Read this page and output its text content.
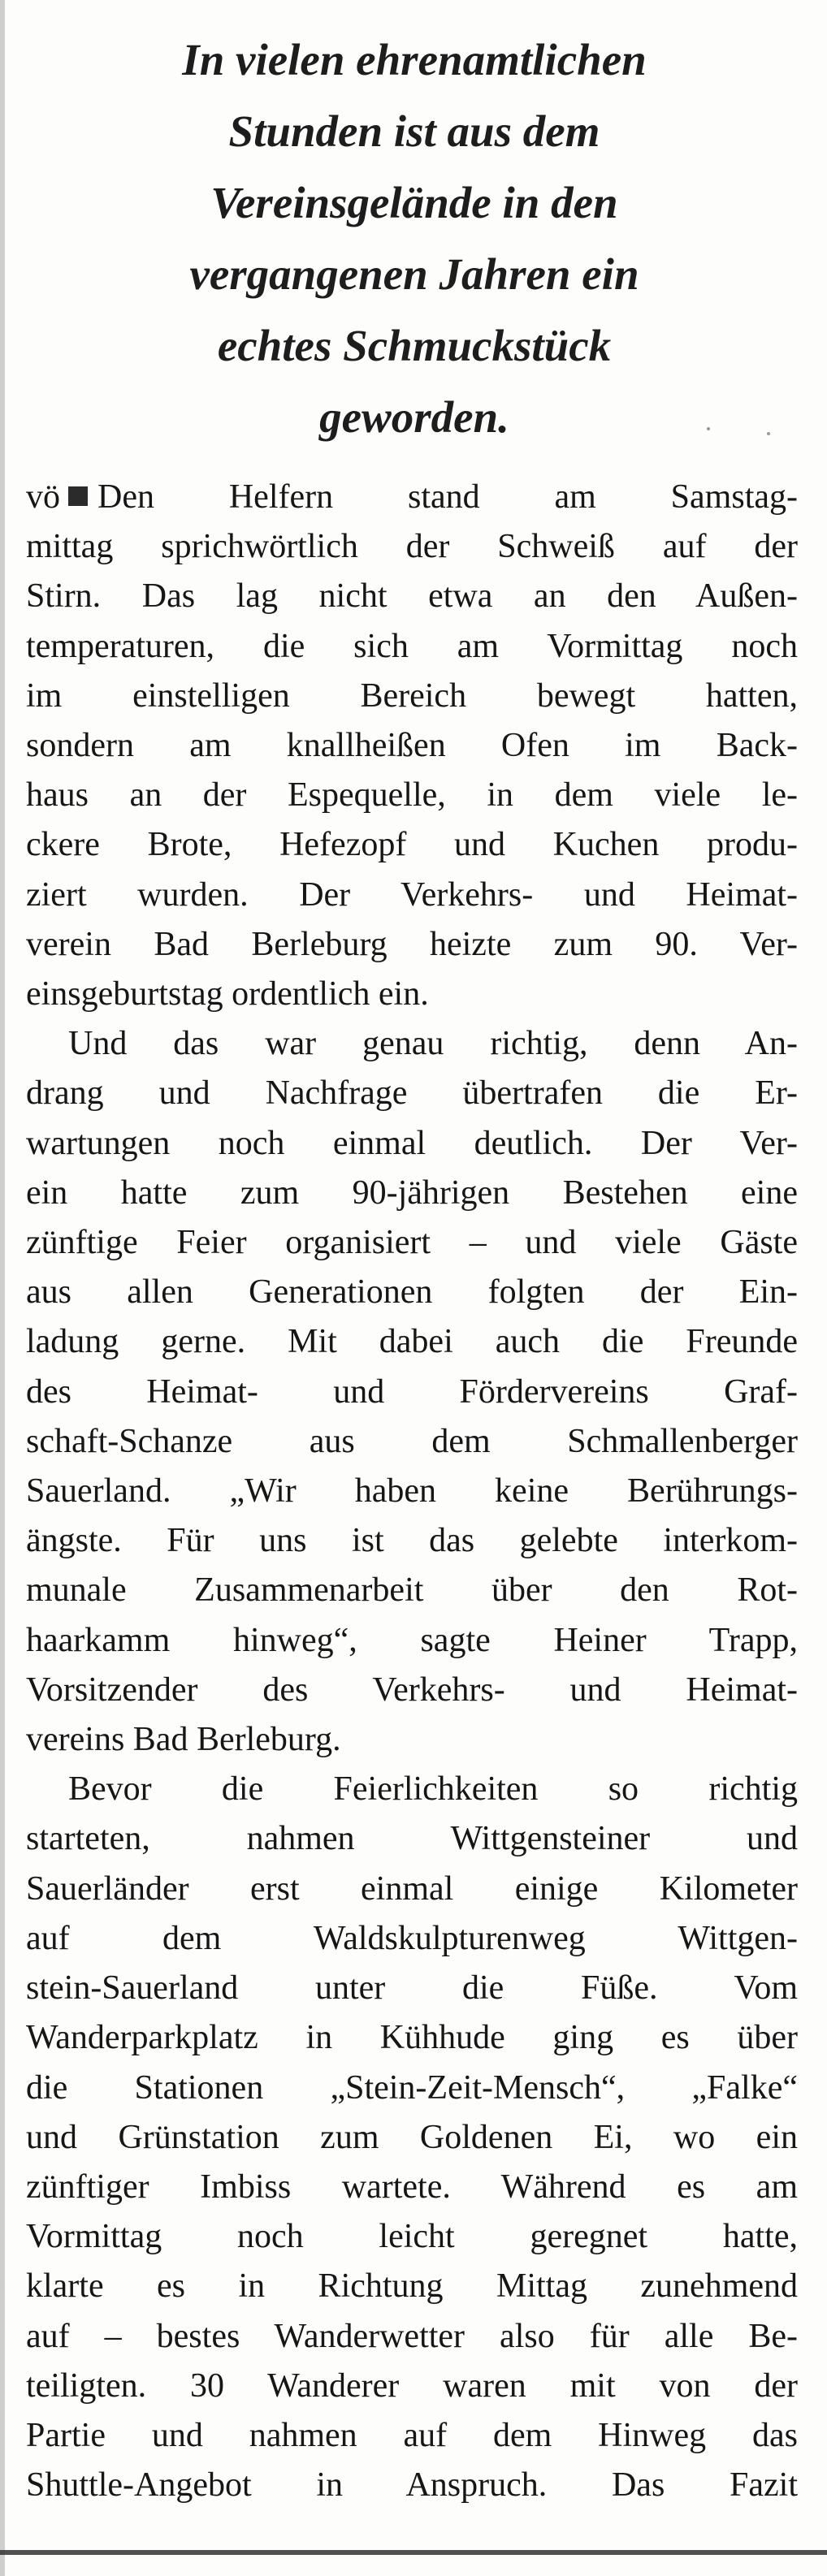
In vielen ehrenamtlichen
Stunden ist aus dem
Vereinsgelände in den
vergangenen Jahren ein
echtes Schmuckstück
geworden.

vö Den Helfern stand am Samstag-
mittag sprichwörtlich der Schweiß auf der
Stirn. Das lag nicht etwa an den Außen-
temperaturen, die sich am Vormittag noch
im einstelligen Bereich bewegt hatten,
sondern am knallheißen Ofen im Back-
haus an der Espequelle, in dem viele le-
ckere Brote, Hefezopf und Kuchen produ-
ziert wurden. Der Verkehrs- und Heimat-
verein Bad Berleburg heizte zum 90. Ver-
einsgeburtstag ordentlich ein.

Und das war genau richtig, denn An-
drang und Nachfrage übertrafen die Er-
wartungen noch einmal deutlich. Der Ver-
ein hatte zum 90-jährigen Bestehen eine
zünftige Feier organisiert – und viele Gäste
aus allen Generationen folgten der Ein-
ladung gerne. Mit dabei auch die Freunde
des Heimat- und Fördervereins Graf-
schaft-Schanze aus dem Schmallenberger
Sauerland. „Wir haben keine Berührungs-
ängste. Für uns ist das gelebte interkom-
munale Zusammenarbeit über den Rot-
haarkamm hinweg“, sagte Heiner Trapp,
Vorsitzender des Verkehrs- und Heimat-
vereins Bad Berleburg.

Bevor die Feierlichkeiten so richtig
starteten, nahmen Wittgensteiner und
Sauerländer erst einmal einige Kilometer
auf dem Waldskulpturenweg Wittgen-
stein-Sauerland unter die Füße. Vom
Wanderparkplatz in Kühhude ging es über
die Stationen „Stein-Zeit-Mensch“, „Falke“
und Grünstation zum Goldenen Ei, wo ein
zünftiger Imbiss wartete. Während es am
Vormittag noch leicht geregnet hatte,
klarte es in Richtung Mittag zunehmend
auf – bestes Wanderwetter also für alle Be-
teiligten. 30 Wanderer waren mit von der
Partie und nahmen auf dem Hinweg das
Shuttle-Angebot in Anspruch. Das Fazit
